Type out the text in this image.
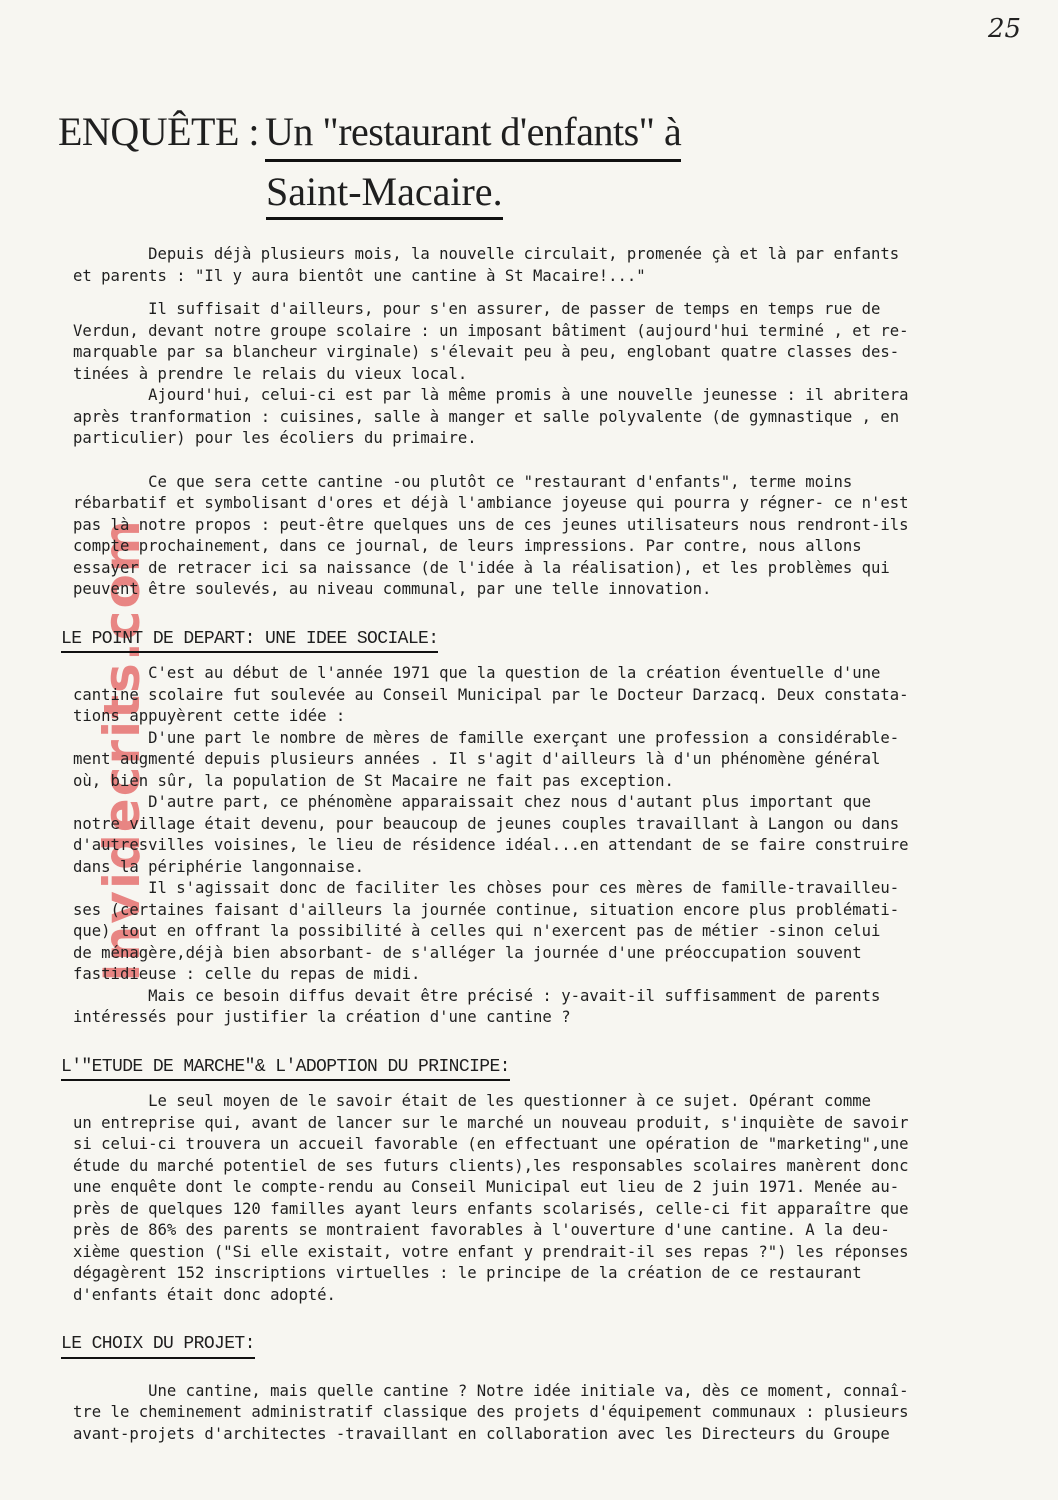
25
ENQUÊTE : Un "restaurant d'enfants" à
Saint-Macaire.
Invidecrits.com
Depuis déjà plusieurs mois, la nouvelle circulait, promenée çà et là par enfants
et parents : "Il y aura bientôt une cantine à St Macaire!..."
Il suffisait d'ailleurs, pour s'en assurer, de passer de temps en temps rue de
Verdun, devant notre groupe scolaire : un imposant bâtiment (aujourd'hui terminé , et re-
marquable par sa blancheur virginale) s'élevait peu à peu, englobant quatre classes des-
tinées à prendre le relais du vieux local.
Ajourd'hui, celui-ci est par là même promis à une nouvelle jeunesse : il abritera
après tranformation : cuisines, salle à manger et salle polyvalente (de gymnastique , en
particulier) pour les écoliers du primaire.
Ce que sera cette cantine -ou plutôt ce "restaurant d'enfants", terme moins
rébarbatif et symbolisant d'ores et déjà l'ambiance joyeuse qui pourra y régner- ce n'est
pas là notre propos : peut-être quelques uns de ces jeunes utilisateurs nous rendront-ils
compte prochainement, dans ce journal, de leurs impressions. Par contre, nous allons
essayer de retracer ici sa naissance (de l'idée à la réalisation), et les problèmes qui
peuvent être soulevés, au niveau communal, par une telle innovation.
LE POINT DE DEPART: UNE IDEE SOCIALE:
C'est au début de l'année 1971 que la question de la création éventuelle d'une
cantine scolaire fut soulevée au Conseil Municipal par le Docteur Darzacq. Deux constata-
tions appuyèrent cette idée :
D'une part le nombre de mères de famille exerçant une profession a considérable-
ment augmenté depuis plusieurs années . Il s'agit d'ailleurs là d'un phénomène général
où, bien sûr, la population de St Macaire ne fait pas exception.
D'autre part, ce phénomène apparaissait chez nous d'autant plus important que
notre village était devenu, pour beaucoup de jeunes couples travaillant à Langon ou dans
d'autresvilles voisines, le lieu de résidence idéal...en attendant de se faire construire
dans la périphérie langonnaise.
Il s'agissait donc de faciliter les chòses pour ces mères de famille-travailleu-
ses (certaines faisant d'ailleurs la journée continue, situation encore plus problémati-
que) tout en offrant la possibilité à celles qui n'exercent pas de métier -sinon celui
de ménagère,déjà bien absorbant- de s'alléger la journée d'une préoccupation souvent
fastidieuse : celle du repas de midi.
Mais ce besoin diffus devait être précisé : y-avait-il suffisamment de parents
intéressés pour justifier la création d'une cantine ?
L'"ETUDE DE MARCHE"& L'ADOPTION DU PRINCIPE:
Le seul moyen de le savoir était de les questionner à ce sujet. Opérant comme
un entreprise qui, avant de lancer sur le marché un nouveau produit, s'inquiète de savoir
si celui-ci trouvera un accueil favorable (en effectuant une opération de "marketing",une
étude du marché potentiel de ses futurs clients),les responsables scolaires manèrent donc
une enquête dont le compte-rendu au Conseil Municipal eut lieu de 2 juin 1971. Menée au-
près de quelques 120 familles ayant leurs enfants scolarisés, celle-ci fit apparaître que
près de 86% des parents se montraient favorables à l'ouverture d'une cantine. A la deu-
xième question ("Si elle existait, votre enfant y prendrait-il ses repas ?") les réponses
dégagèrent 152 inscriptions virtuelles : le principe de la création de ce restaurant
d'enfants était donc adopté.
LE CHOIX DU PROJET:
Une cantine, mais quelle cantine ? Notre idée initiale va, dès ce moment, connaî-
tre le cheminement administratif classique des projets d'équipement communaux : plusieurs
avant-projets d'architectes -travaillant en collaboration avec les Directeurs du Groupe
